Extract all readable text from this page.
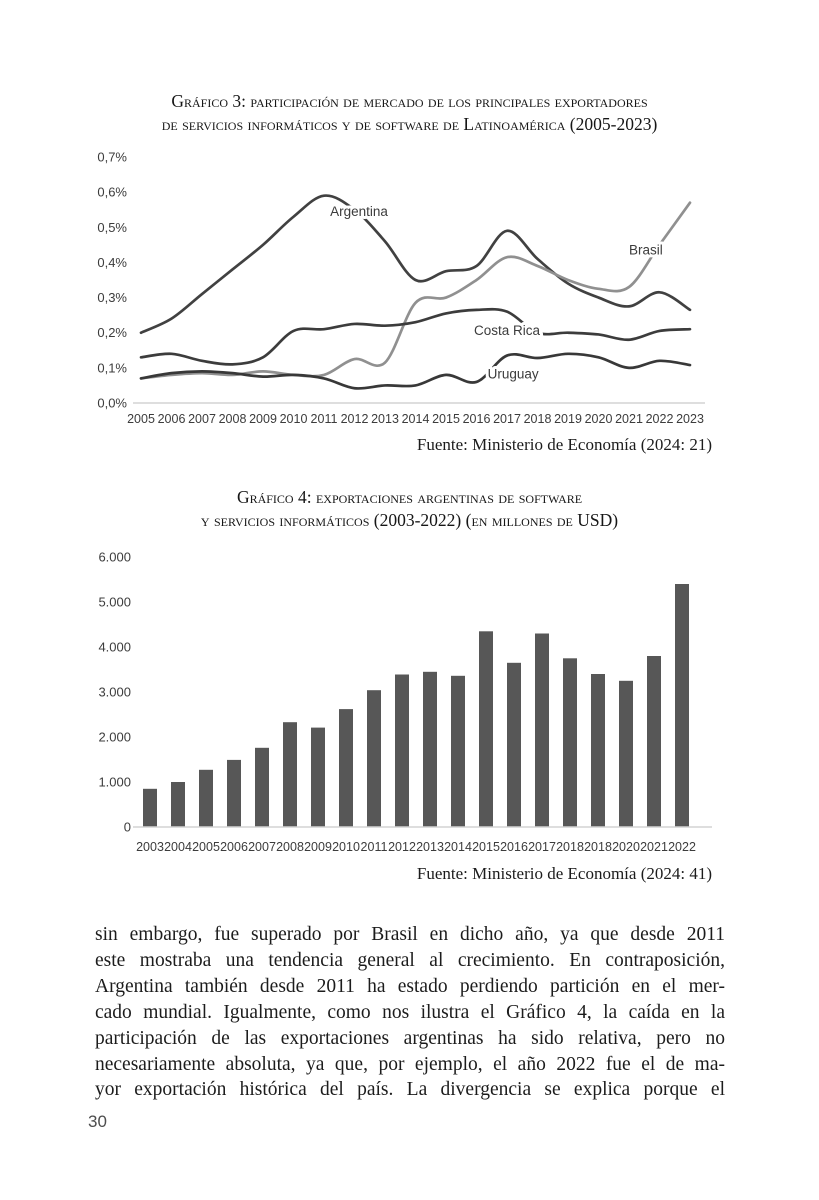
Gráfico 3: participación de mercado de los principales exportadores
de servicios informáticos y de software de Latinoamérica (2005-2023)
0,0%
0,1%
0,2%
0,3%
0,4%
0,5%
0,6%
0,7%
2005 2006 2007 2008 2009 2010 2011 2012 2013 2014 2015 2016 2017 2018 2019 2020 2021 2022 2023
Argentina
Brasil
Costa Rica
Uruguay
Fuente: Ministerio de Economía (2024: 21)
Gráfico 4: exportaciones argentinas de software
y servicios informáticos (2003-2022) (en millones de USD)
0
1.000
2.000
3.000
4.000
5.000
6.000
2003 2004 2005 2006 2007 2008 2009 2010 2011 2012 2013 2014 2015 2016 2017 2018 2018 2020 2021 2022
Fuente: Ministerio de Economía (2024: 41)
sin embargo, fue superado por Brasil en dicho año, ya que desde 2011
este mostraba una tendencia general al crecimiento. En contraposición,
Argentina también desde 2011 ha estado perdiendo partición en el mer-
cado mundial. Igualmente, como nos ilustra el Gráfico 4, la caída en la
participación de las exportaciones argentinas ha sido relativa, pero no
necesariamente absoluta, ya que, por ejemplo, el año 2022 fue el de ma-
yor exportación histórica del país. La divergencia se explica porque el
30
